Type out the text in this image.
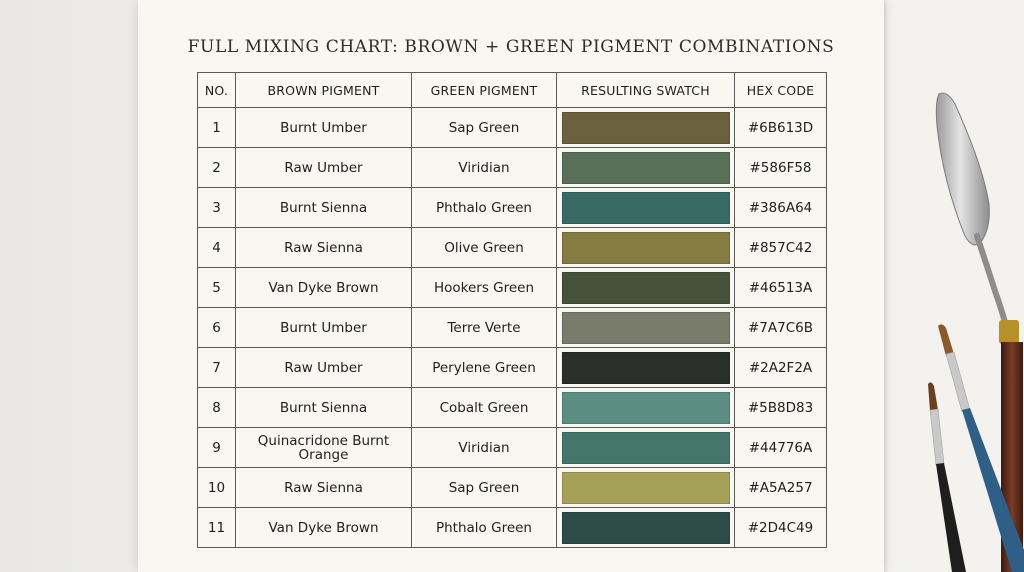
FULL MIXING CHART: BROWN + GREEN PIGMENT COMBINATIONS
NO.	BROWN PIGMENT	GREEN PIGMENT	RESULTING SWATCH	HEX CODE
1	Burnt Umber	Sap Green		#6B613D
2	Raw Umber	Viridian		#586F58
3	Burnt Sienna	Phthalo Green		#386A64
4	Raw Sienna	Olive Green		#857C42
5	Van Dyke Brown	Hookers Green		#46513A
6	Burnt Umber	Terre Verte		#7A7C6B
7	Raw Umber	Perylene Green		#2A2F2A
8	Burnt Sienna	Cobalt Green		#5B8D83
9	Quinacridone Burnt Orange	Viridian		#44776A
10	Raw Sienna	Sap Green		#A5A257
11	Van Dyke Brown	Phthalo Green		#2D4C49
